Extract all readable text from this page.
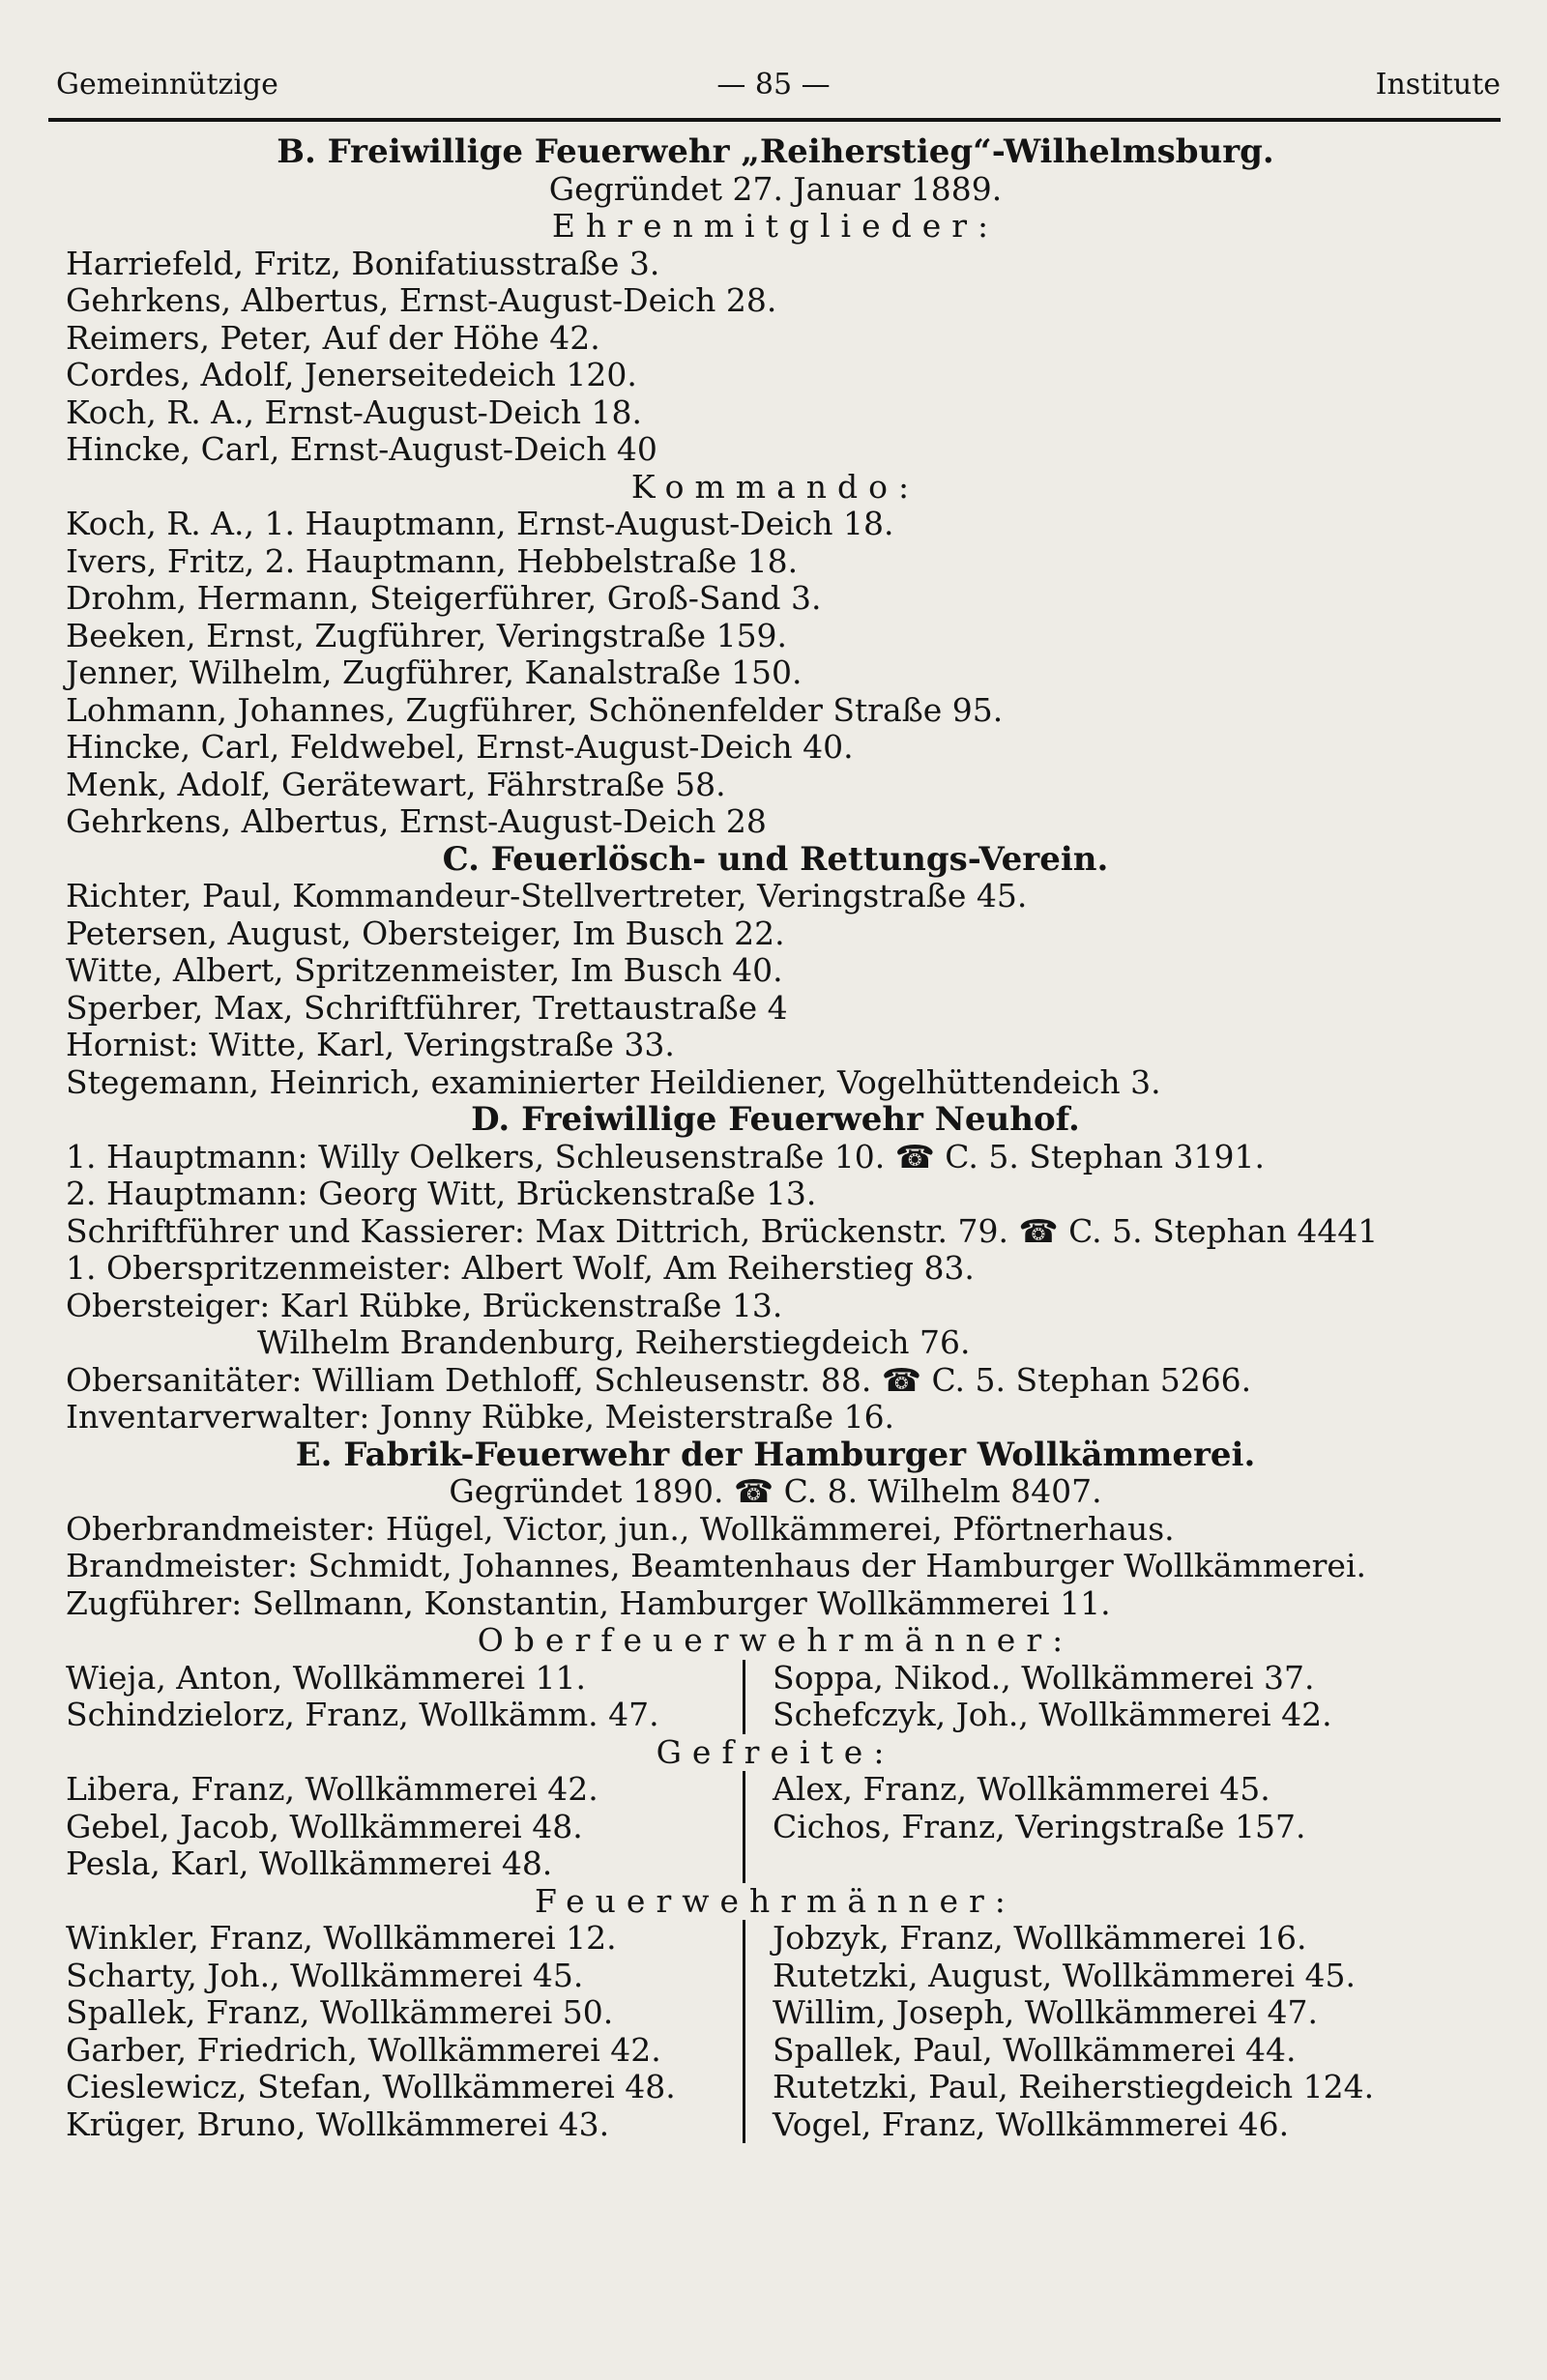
Gemeinnützige	— 85 —	Institute
B. Freiwillige Feuerwehr „Reiherstieg“-Wilhelmsburg.
Gegründet 27. Januar 1889.
Ehrenmitglieder:
Harriefeld, Fritz, Bonifatiusstraße 3.
Gehrkens, Albertus, Ernst-August-Deich 28.
Reimers, Peter, Auf der Höhe 42.
Cordes, Adolf, Jenerseitedeich 120.
Koch, R. A., Ernst-August-Deich 18.
Hincke, Carl, Ernst-August-Deich 40
Kommando:
Koch, R. A., 1. Hauptmann, Ernst-August-Deich 18.
Ivers, Fritz, 2. Hauptmann, Hebbelstraße 18.
Drohm, Hermann, Steigerführer, Groß-Sand 3.
Beeken, Ernst, Zugführer, Veringstraße 159.
Jenner, Wilhelm, Zugführer, Kanalstraße 150.
Lohmann, Johannes, Zugführer, Schönenfelder Straße 95.
Hincke, Carl, Feldwebel, Ernst-August-Deich 40.
Menk, Adolf, Gerätewart, Fährstraße 58.
Gehrkens, Albertus, Ernst-August-Deich 28
C. Feuerlösch- und Rettungs-Verein.
Richter, Paul, Kommandeur-Stellvertreter, Veringstraße 45.
Petersen, August, Obersteiger, Im Busch 22.
Witte, Albert, Spritzenmeister, Im Busch 40.
Sperber, Max, Schriftführer, Trettaustraße 4
Hornist: Witte, Karl, Veringstraße 33.
Stegemann, Heinrich, examinierter Heildiener, Vogelhüttendeich 3.
D. Freiwillige Feuerwehr Neuhof.
1. Hauptmann: Willy Oelkers, Schleusenstraße 10. ☎ C. 5. Stephan 3191.
2. Hauptmann: Georg Witt, Brückenstraße 13.
Schriftführer und Kassierer: Max Dittrich, Brückenstr. 79. ☎ C. 5. Stephan 4441
1. Oberspritzenmeister: Albert Wolf, Am Reiherstieg 83.
Obersteiger: Karl Rübke, Brückenstraße 13.
Wilhelm Brandenburg, Reiherstiegdeich 76.
Obersanitäter: William Dethloff, Schleusenstr. 88. ☎ C. 5. Stephan 5266.
Inventarverwalter: Jonny Rübke, Meisterstraße 16.
E. Fabrik-Feuerwehr der Hamburger Wollkämmerei.
Gegründet 1890. ☎ C. 8. Wilhelm 8407.
Oberbrandmeister: Hügel, Victor, jun., Wollkämmerei, Pförtnerhaus.
Brandmeister: Schmidt, Johannes, Beamtenhaus der Hamburger Wollkämmerei.
Zugführer: Sellmann, Konstantin, Hamburger Wollkämmerei 11.
Oberfeuerwehrmänner:
Wieja, Anton, Wollkämmerei 11.
Schindzielorz, Franz, Wollkämm. 47.
Soppa, Nikod., Wollkämmerei 37.
Schefczyk, Joh., Wollkämmerei 42.
Gefreite:
Libera, Franz, Wollkämmerei 42.
Gebel, Jacob, Wollkämmerei 48.
Pesla, Karl, Wollkämmerei 48.
Alex, Franz, Wollkämmerei 45.
Cichos, Franz, Veringstraße 157.
Feuerwehrmänner:
Winkler, Franz, Wollkämmerei 12.
Scharty, Joh., Wollkämmerei 45.
Spallek, Franz, Wollkämmerei 50.
Garber, Friedrich, Wollkämmerei 42.
Cieslewicz, Stefan, Wollkämmerei 48.
Krüger, Bruno, Wollkämmerei 43.
Jobzyk, Franz, Wollkämmerei 16.
Rutetzki, August, Wollkämmerei 45.
Willim, Joseph, Wollkämmerei 47.
Spallek, Paul, Wollkämmerei 44.
Rutetzki, Paul, Reiherstiegdeich 124.
Vogel, Franz, Wollkämmerei 46.
